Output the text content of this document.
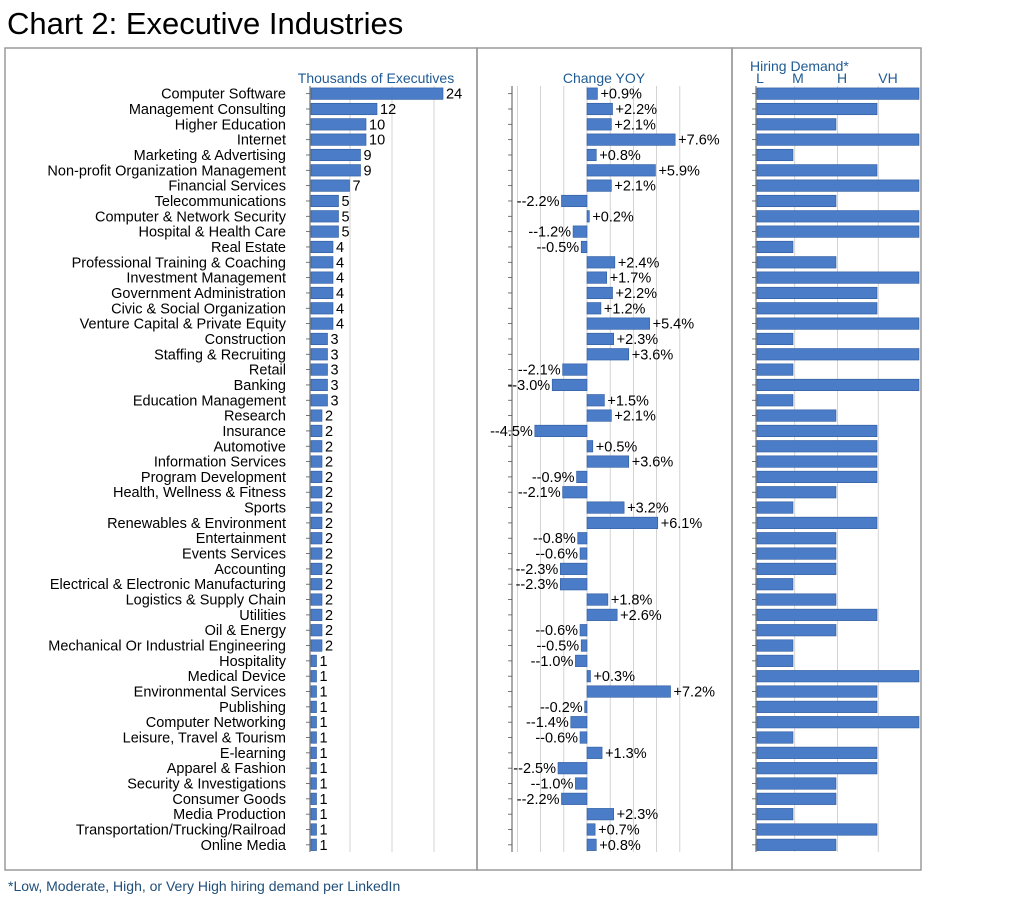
Chart 2: Executive Industries
Thousands of Executives	Change YOY
Hiring Demand*
L M H VH
Computer Software
Management Consulting
Higher Education
Internet
Marketing & Advertising
Non-profit Organization Management
Financial Services
Telecommunications
Computer & Network Security
Hospital & Health Care
Real Estate
Professional Training & Coaching
Investment Management
Government Administration
Civic & Social Organization
Venture Capital & Private Equity
Construction
Staffing & Recruiting
Retail
Banking
Education Management
Research
Insurance
Automotive
Information Services
Program Development
Health, Wellness & Fitness
Sports
Renewables & Environment
Entertainment
Events Services
Accounting
Electrical & Electronic Manufacturing
Logistics & Supply Chain
Utilities
Oil & Energy
Mechanical Or Industrial Engineering
Hospitality
Medical Device
Environmental Services
Publishing
Computer Networking
Leisure, Travel & Tourism
E-learning
Apparel & Fashion
Security & Investigations
Consumer Goods
Media Production
Transportation/Trucking/Railroad
Online Media
24
12
10
10
9
9
7
5
5
5
4
4
4
4
4
4
3
3
3
3
3
2
2
2
2
2
2
2
2
2
2
2
2
2
2
2
2
1
1
1
1
1
1
1
1
1
1
1
1
1
+0.9%
+2.2%
+2.1%
+7.6%
+0.8%
+5.9%
+2.1%
--2.2%
+0.2%
--1.2%
--0.5%
+2.4%
+1.7%
+2.2%
+1.2%
+5.4%
+2.3%
+3.6%
--2.1%
--3.0%
+1.5%
+2.1%
--4.5%
+0.5%
+3.6%
--0.9%
--2.1%
+3.2%
+6.1%
--0.8%
--0.6%
--2.3%
--2.3%
+1.8%
+2.6%
--0.6%
--0.5%
--1.0%
+0.3%
+7.2%
--0.2%
--1.4%
--0.6%
+1.3%
--2.5%
--1.0%
--2.2%
+2.3%
+0.7%
+0.8%
*Low, Moderate, High, or Very High hiring demand per LinkedIn
